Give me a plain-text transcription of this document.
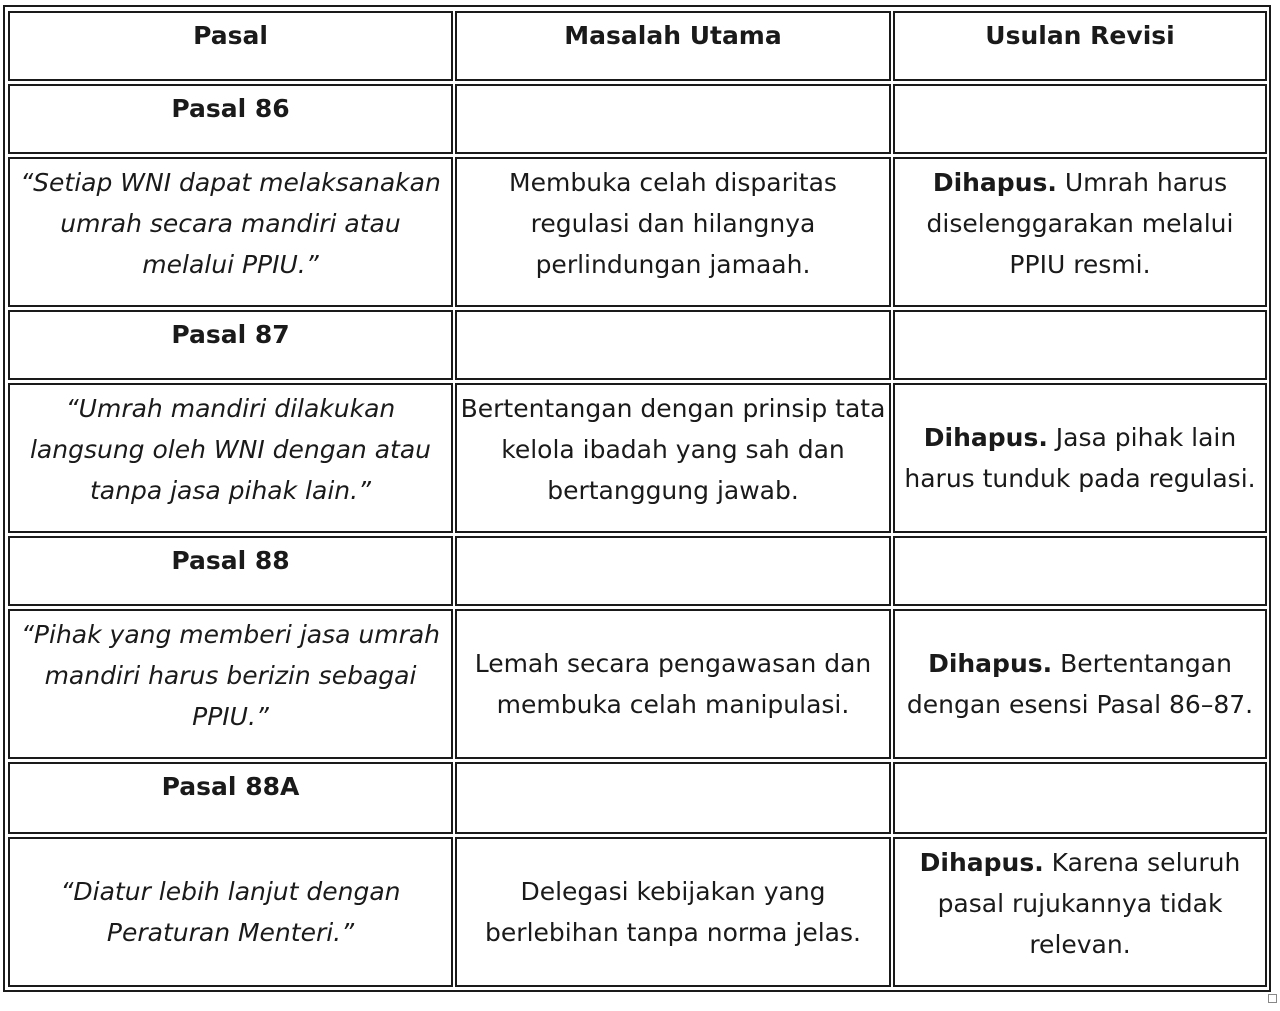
Pasal	Masalah Utama	Usulan Revisi
Pasal 86
“Setiap WNI dapat melaksanakan umrah secara mandiri atau melalui PPIU.”
Membuka celah disparitas regulasi dan hilangnya perlindungan jamaah.
Dihapus. Umrah harus diselenggarakan melalui PPIU resmi.
Pasal 87
“Umrah mandiri dilakukan langsung oleh WNI dengan atau tanpa jasa pihak lain.”
Bertentangan dengan prinsip tata kelola ibadah yang sah dan bertanggung jawab.
Dihapus. Jasa pihak lain harus tunduk pada regulasi.
Pasal 88
“Pihak yang memberi jasa umrah mandiri harus berizin sebagai PPIU.”
Lemah secara pengawasan dan membuka celah manipulasi.
Dihapus. Bertentangan dengan esensi Pasal 86–87.
Pasal 88A
“Diatur lebih lanjut dengan Peraturan Menteri.”
Delegasi kebijakan yang berlebihan tanpa norma jelas.
Dihapus. Karena seluruh pasal rujukannya tidak relevan.
